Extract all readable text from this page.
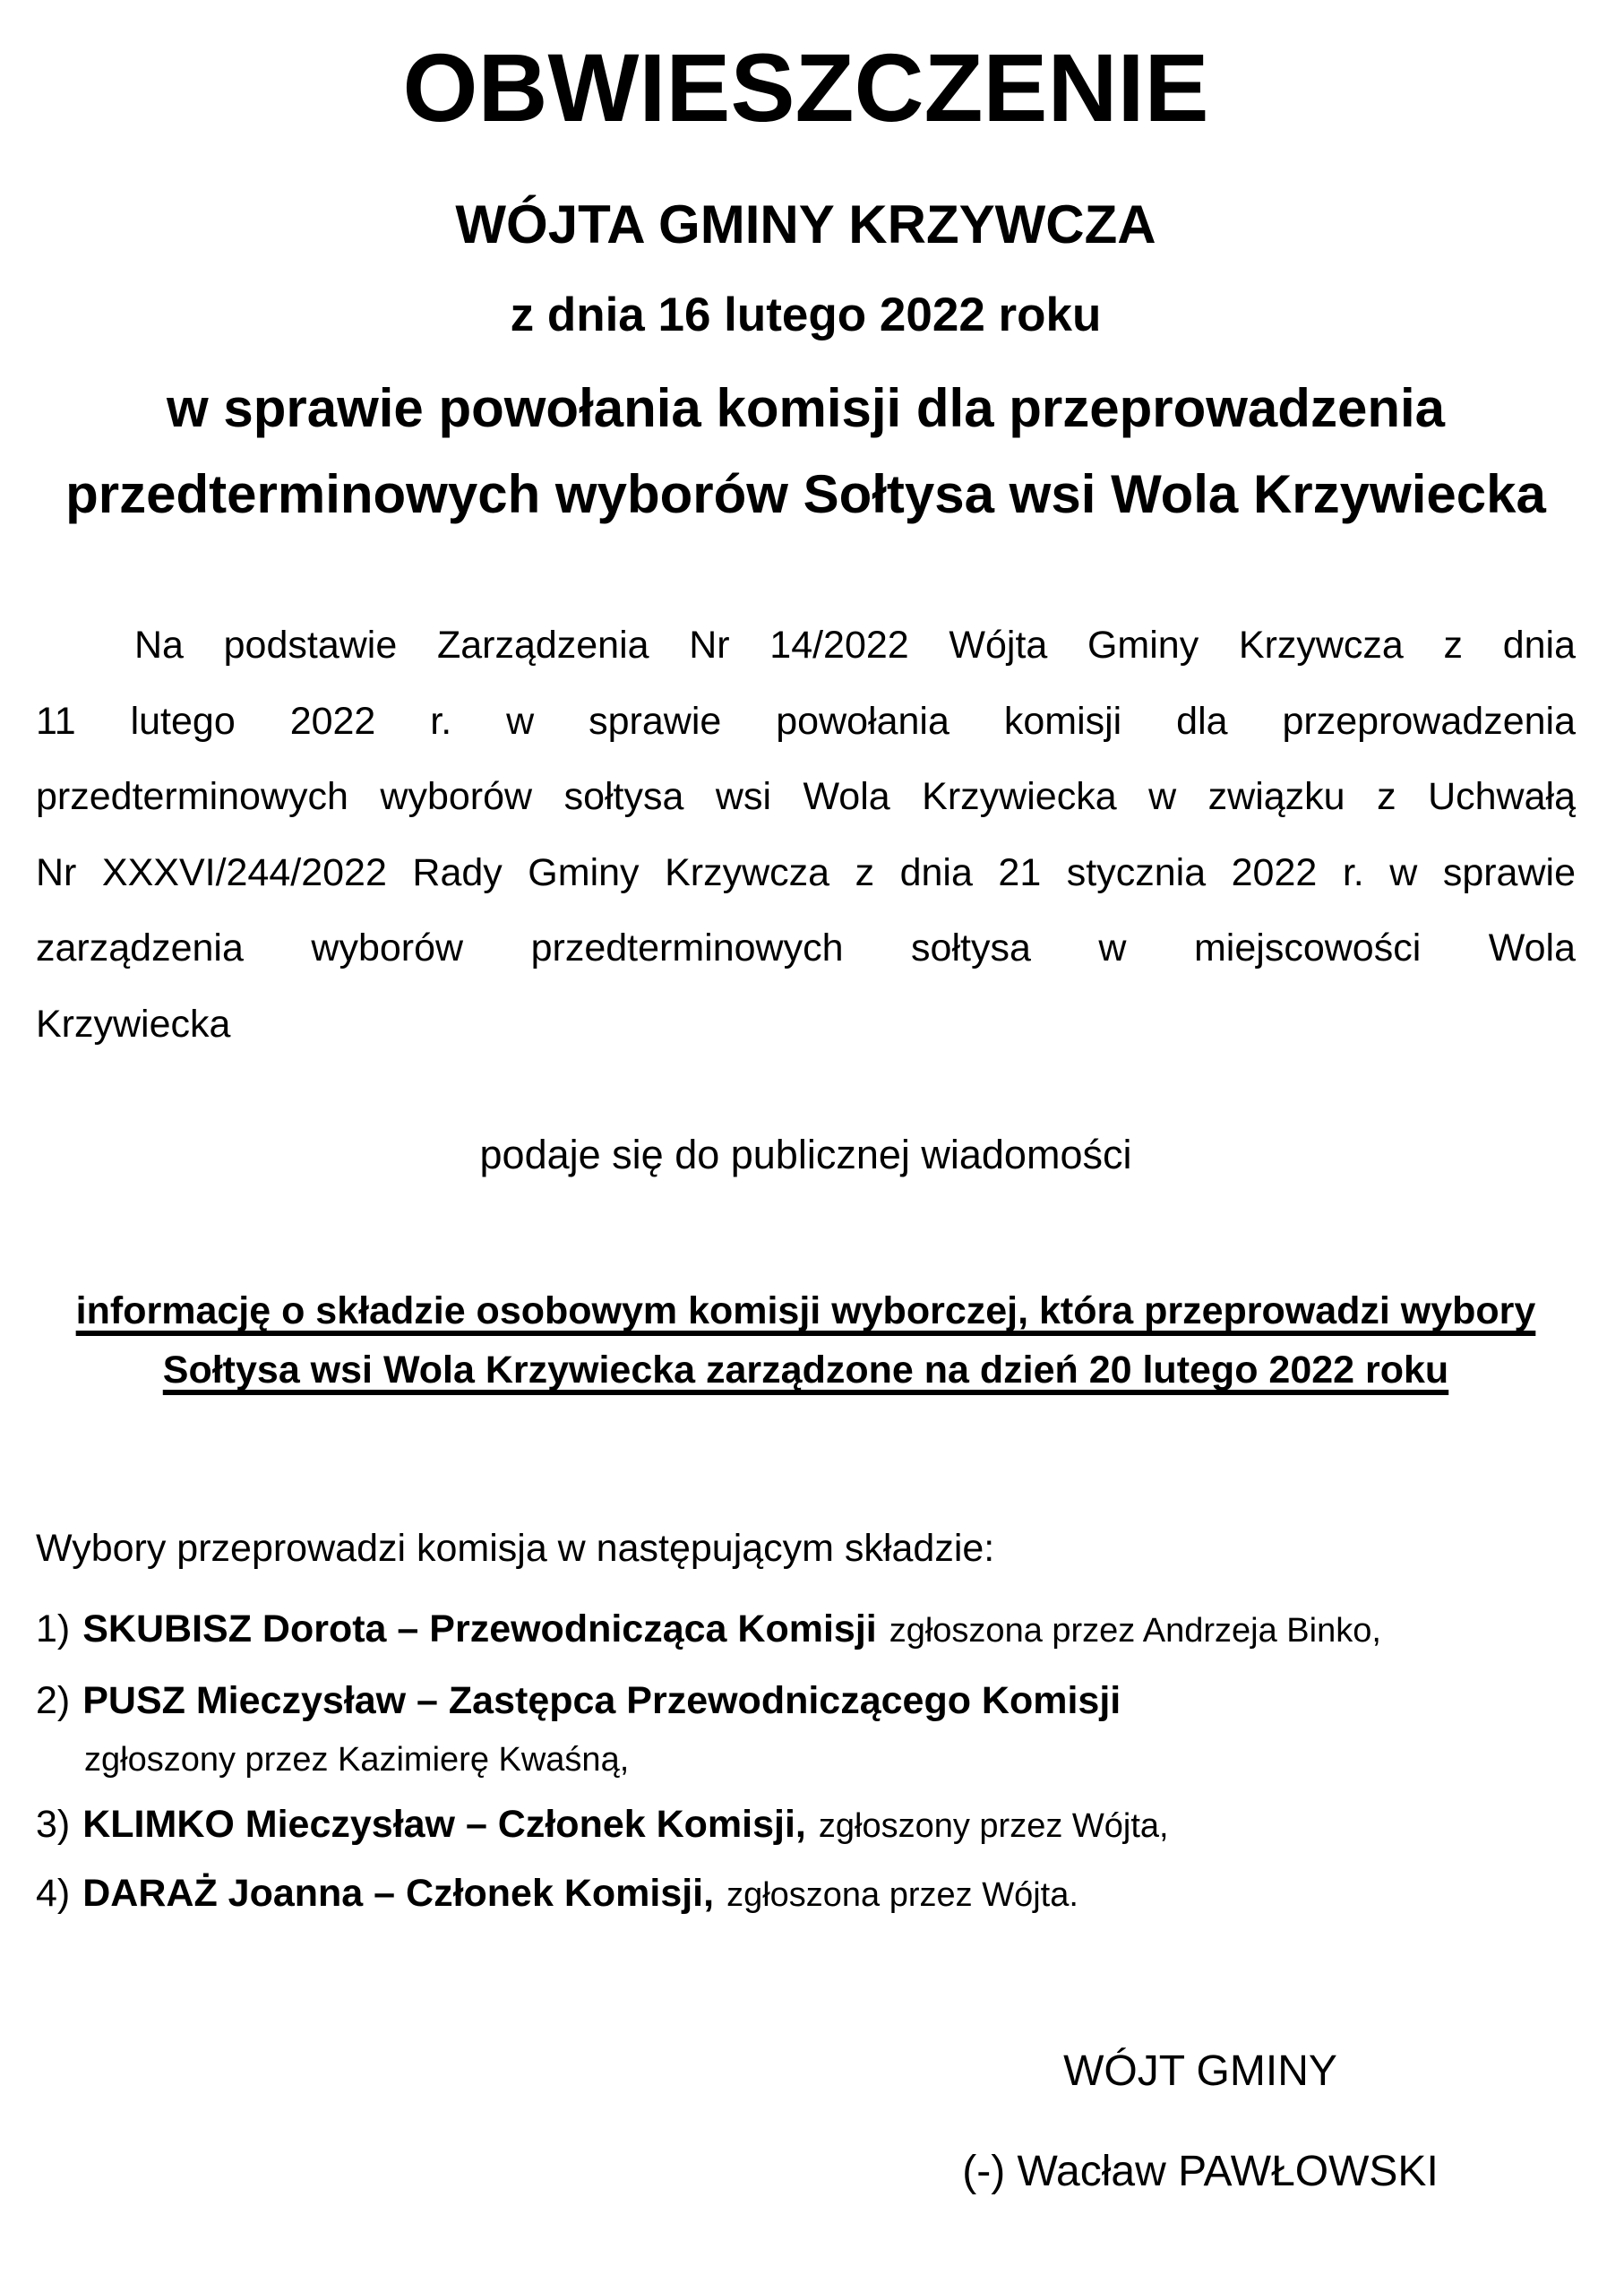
OBWIESZCZENIE
WÓJTA GMINY KRZYWCZA
z dnia 16 lutego 2022 roku
w sprawie powołania komisji dla przeprowadzenia
przedterminowych wyborów Sołtysa wsi Wola Krzywiecka
Na podstawie Zarządzenia Nr 14/2022 Wójta Gminy Krzywcza z dnia
11 lutego 2022 r. w sprawie powołania komisji dla przeprowadzenia
przedterminowych wyborów sołtysa wsi Wola Krzywiecka w związku z Uchwałą
Nr XXXVI/244/2022 Rady Gminy Krzywcza z dnia 21 stycznia 2022 r. w sprawie
zarządzenia wyborów przedterminowych sołtysa w miejscowości Wola
Krzywiecka
podaje się do publicznej wiadomości
informację o składzie osobowym komisji wyborczej, która przeprowadzi wybory
Sołtysa wsi Wola Krzywiecka zarządzone na dzień 20 lutego 2022 roku
Wybory przeprowadzi komisja w następującym składzie:
1) SKUBISZ Dorota – Przewodnicząca Komisji zgłoszona przez Andrzeja Binko,
2) PUSZ Mieczysław – Zastępca Przewodniczącego Komisji
zgłoszony przez Kazimierę Kwaśną,
3) KLIMKO Mieczysław – Członek Komisji, zgłoszony przez Wójta,
4) DARAŻ Joanna – Członek Komisji, zgłoszona przez Wójta.
WÓJT GMINY
(-) Wacław PAWŁOWSKI
